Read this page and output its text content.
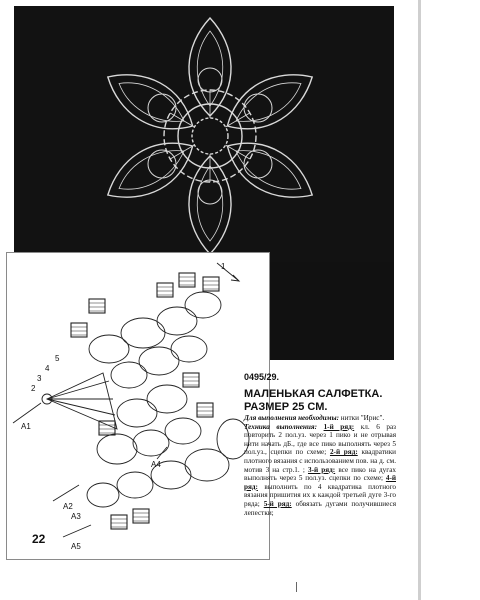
A1
A2
A3
A4
A5
2
3
4
5
1
0495/29.
МАЛЕНЬКАЯ САЛФЕТКА.
РАЗМЕР 25 СМ.
Для выполнения необходимы: нитки "Ирис".
Техника выполнения: 1-й ряд: кл. 6 раз повторить 2 пол.уз. через 1 пико и не отрывая нити начать дБ., где все пико выполнять через 5 пол.уз., сцепки по схеме; 2-й ряд: квадратики плотного вязания с использованием пов. на д. см. мотив 3 на стр.1. ; 3-й ряд: все пико на дугах выполнять через 5 пол.уз. сцепки по схеме; 4-й ряд: выполнить по 4 квадратика плотного вязания пришития их к каждой третьей дуге 3-го ряда; 5-й ряд: обвязать дугами получившиеся лепестки;
22
